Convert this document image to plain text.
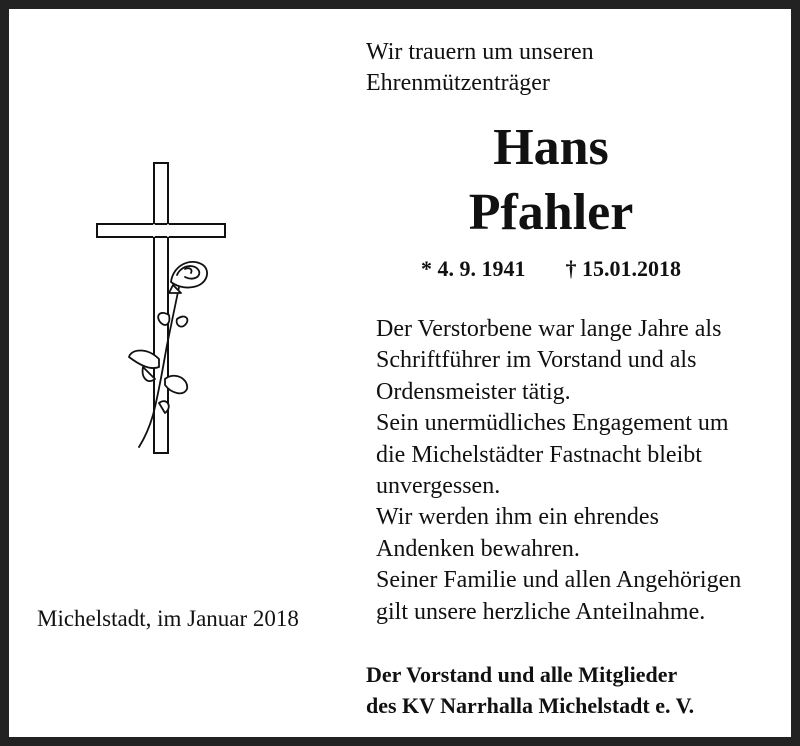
Wir trauern um unseren
Ehrenmützenträger
Hans
Pfahler
* 4. 9. 1941 † 15.01.2018
Der Verstorbene war lange Jahre als
Schriftführer im Vorstand und als
Ordensmeister tätig.
Sein unermüdliches Engagement um
die Michelstädter Fastnacht bleibt
unvergessen.
Wir werden ihm ein ehrendes
Andenken bewahren.
Seiner Familie und allen Angehörigen
gilt unsere herzliche Anteilnahme.
Michelstadt, im Januar 2018
Der Vorstand und alle Mitglieder
des KV Narrhalla Michelstadt e. V.
